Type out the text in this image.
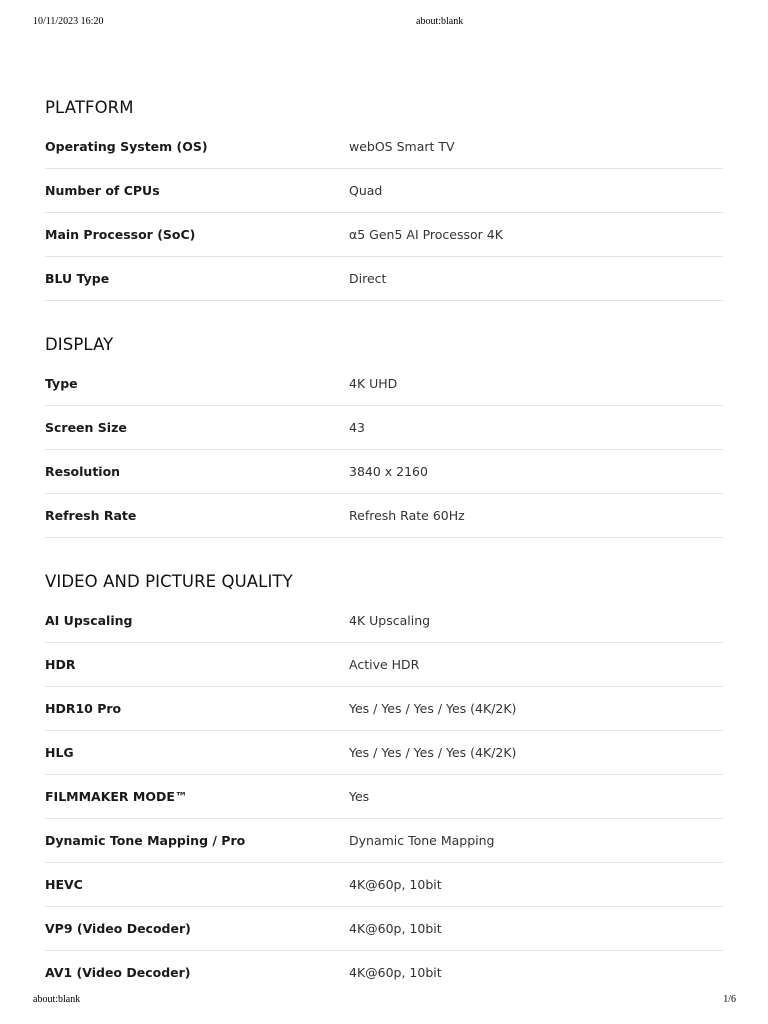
10/11/2023 16:20	about:blank
PLATFORM
Operating System (OS)	webOS Smart TV
Number of CPUs	Quad
Main Processor (SoC)	α5 Gen5 AI Processor 4K
BLU Type	Direct
DISPLAY
Type	4K UHD
Screen Size	43
Resolution	3840 x 2160
Refresh Rate	Refresh Rate 60Hz
VIDEO AND PICTURE QUALITY
AI Upscaling	4K Upscaling
HDR	Active HDR
HDR10 Pro	Yes / Yes / Yes / Yes (4K/2K)
HLG	Yes / Yes / Yes / Yes (4K/2K)
FILMMAKER MODE™	Yes
Dynamic Tone Mapping / Pro	Dynamic Tone Mapping
HEVC	4K@60p, 10bit
VP9 (Video Decoder)	4K@60p, 10bit
AV1 (Video Decoder)	4K@60p, 10bit
about:blank	1/6
